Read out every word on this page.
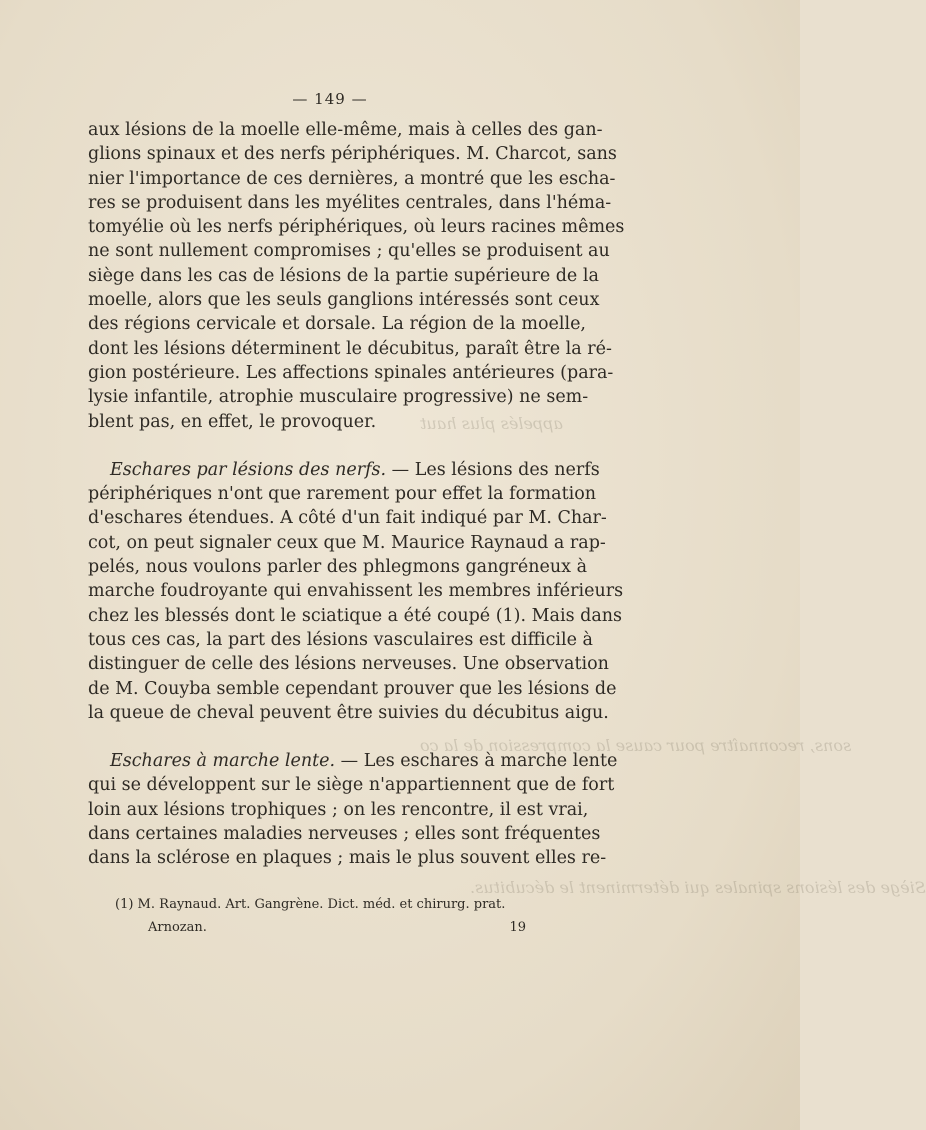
appelés plus haut
sons, reconnaître pour cause la compression de la co
Siège des lésions spinales qui déterminent le décubitus.
— 149 —
aux lésions de la moelle elle-même, mais à celles des gan-
glions spinaux et des nerfs périphériques. M. Charcot, sans
nier l'importance de ces dernières, a montré que les escha-
res se produisent dans les myélites centrales, dans l'héma-
tomyélie où les nerfs périphériques, où leurs racines mêmes
ne sont nullement compromises ; qu'elles se produisent au
siège dans les cas de lésions de la partie supérieure de la
moelle, alors que les seuls ganglions intéressés sont ceux
des régions cervicale et dorsale. La région de la moelle,
dont les lésions déterminent le décubitus, paraît être la ré-
gion postérieure. Les affections spinales antérieures (para-
lysie infantile, atrophie musculaire progressive) ne sem-
blent pas, en effet, le provoquer.
Eschares par lésions des nerfs. — Les lésions des nerfs
périphériques n'ont que rarement pour effet la formation
d'eschares étendues. A côté d'un fait indiqué par M. Char-
cot, on peut signaler ceux que M. Maurice Raynaud a rap-
pelés, nous voulons parler des phlegmons gangréneux à
marche foudroyante qui envahissent les membres inférieurs
chez les blessés dont le sciatique a été coupé (1). Mais dans
tous ces cas, la part des lésions vasculaires est difficile à
distinguer de celle des lésions nerveuses. Une observation
de M. Couyba semble cependant prouver que les lésions de
la queue de cheval peuvent être suivies du décubitus aigu.
Eschares à marche lente. — Les eschares à marche lente
qui se développent sur le siège n'appartiennent que de fort
loin aux lésions trophiques ; on les rencontre, il est vrai,
dans certaines maladies nerveuses ; elles sont fréquentes
dans la sclérose en plaques ; mais le plus souvent elles re-
(1) M. Raynaud. Art. Gangrène. Dict. méd. et chirurg. prat.
Arnozan.	19
